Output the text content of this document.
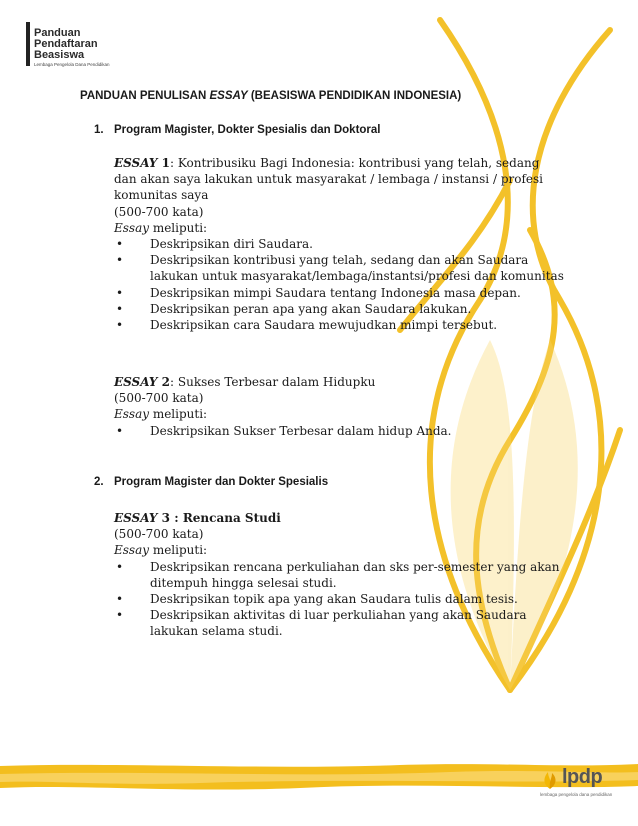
Panduan
Pendaftaran
Beasiswa
Lembaga Pengelola Dana Pendidikan
PANDUAN PENULISAN ESSAY (BEASISWA PENDIDIKAN INDONESIA)
1. Program Magister, Dokter Spesialis dan Doktoral
ESSAY 1: Kontribusiku Bagi Indonesia: kontribusi yang telah, sedang dan akan saya lakukan untuk masyarakat / lembaga / instansi / profesi komunitas saya
(500-700 kata)
Essay meliputi:
• Deskripsikan diri Saudara.
• Deskripsikan kontribusi yang telah, sedang dan akan Saudara lakukan untuk masyarakat/lembaga/instantsi/profesi dan komunitas
• Deskripsikan mimpi Saudara tentang Indonesia masa depan.
• Deskripsikan peran apa yang akan Saudara lakukan.
• Deskripsikan cara Saudara mewujudkan mimpi tersebut.
ESSAY 2: Sukses Terbesar dalam Hidupku
(500-700 kata)
Essay meliputi:
• Deskripsikan Sukser Terbesar dalam hidup Anda.
2. Program Magister dan Dokter Spesialis
ESSAY 3 : Rencana Studi
(500-700 kata)
Essay meliputi:
• Deskripsikan rencana perkuliahan dan sks per-semester yang akan ditempuh hingga selesai studi.
• Deskripsikan topik apa yang akan Saudara tulis dalam tesis.
• Deskripsikan aktivitas di luar perkuliahan yang akan Saudara lakukan selama studi.
lpdp
lembaga pengelola dana pendidikan
